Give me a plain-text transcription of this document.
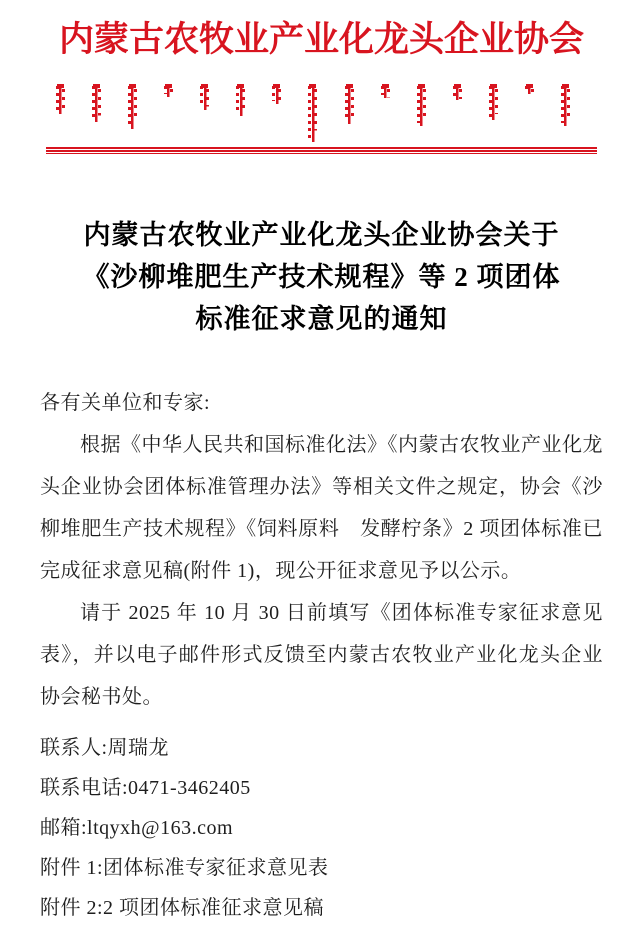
内蒙古农牧业产业化龙头企业协会
内蒙古农牧业产业化龙头企业协会关于
《沙柳堆肥生产技术规程》等 2 项团体
标准征求意见的通知

各有关单位和专家:

根据《中华人民共和国标准化法》《内蒙古农牧业产业化龙头企业协会团体标准管理办法》等相关文件之规定，协会《沙柳堆肥生产技术规程》《饲料原料　发酵柠条》2 项团体标准已完成征求意见稿(附件 1)，现公开征求意见予以公示。

请于 2025 年 10 月 30 日前填写《团体标准专家征求意见表》，并以电子邮件形式反馈至内蒙古农牧业产业化龙头企业协会秘书处。

联系人:周瑞龙

联系电话:0471-3462405

邮箱:ltqyxh@163.com

附件 1:团体标准专家征求意见表

附件 2:2 项团体标准征求意见稿
